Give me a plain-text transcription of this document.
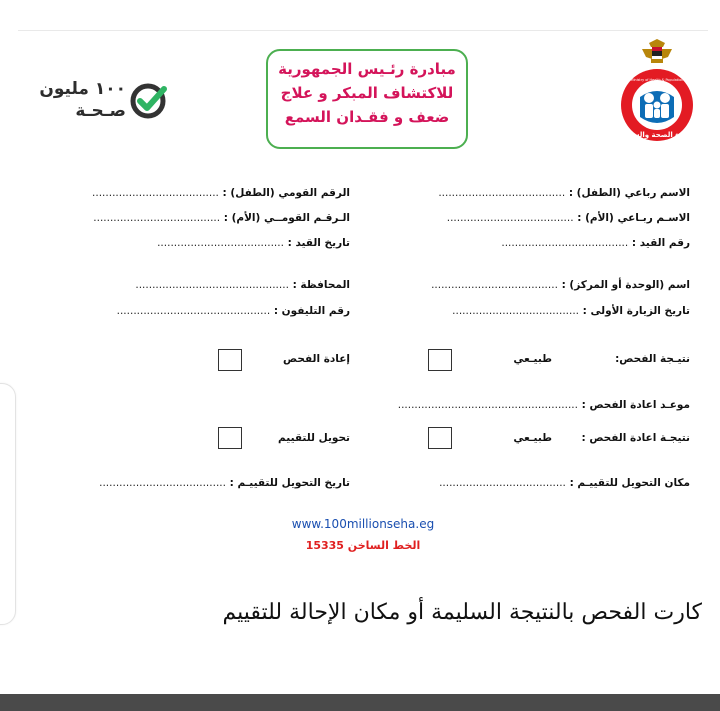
١٠٠ مليون
صـحـة
مبادرة رئـيس الجمهورية
للاكتشاف المبكر و علاج
ضعف و فقـدان السمع
وزارة الصحة والسكان
Ministry of Health & Population
الاسم رباعي (الطفل) : ......................................
الرقم القومي (الطفل) : ......................................
الاسـم ربـاعي (الأم) : ......................................
الـرقـم القومــي (الأم) : ......................................
رقم القيد : ......................................
تاريخ القيد : ......................................
اسم (الوحدة أو المركز) : ......................................
المحافظة : ..............................................
تاريخ الزيارة الأولى : ......................................
رقم التليفون : ..............................................
نتيـجة الفحص:
طبيـعي
إعادة الفحص
موعـد اعادة الفحص : ......................................................
نتيجـة اعادة الفحص :
طبيـعي
تحويل للتقييم
مكان التحويل للتقييـم : ......................................
تاريخ التحويل للتقييـم : ......................................
www.100millionseha.eg
الخط الساخن 15335
كارت الفحص بالنتيجة السليمة أو مكان الإحالة للتقييم
